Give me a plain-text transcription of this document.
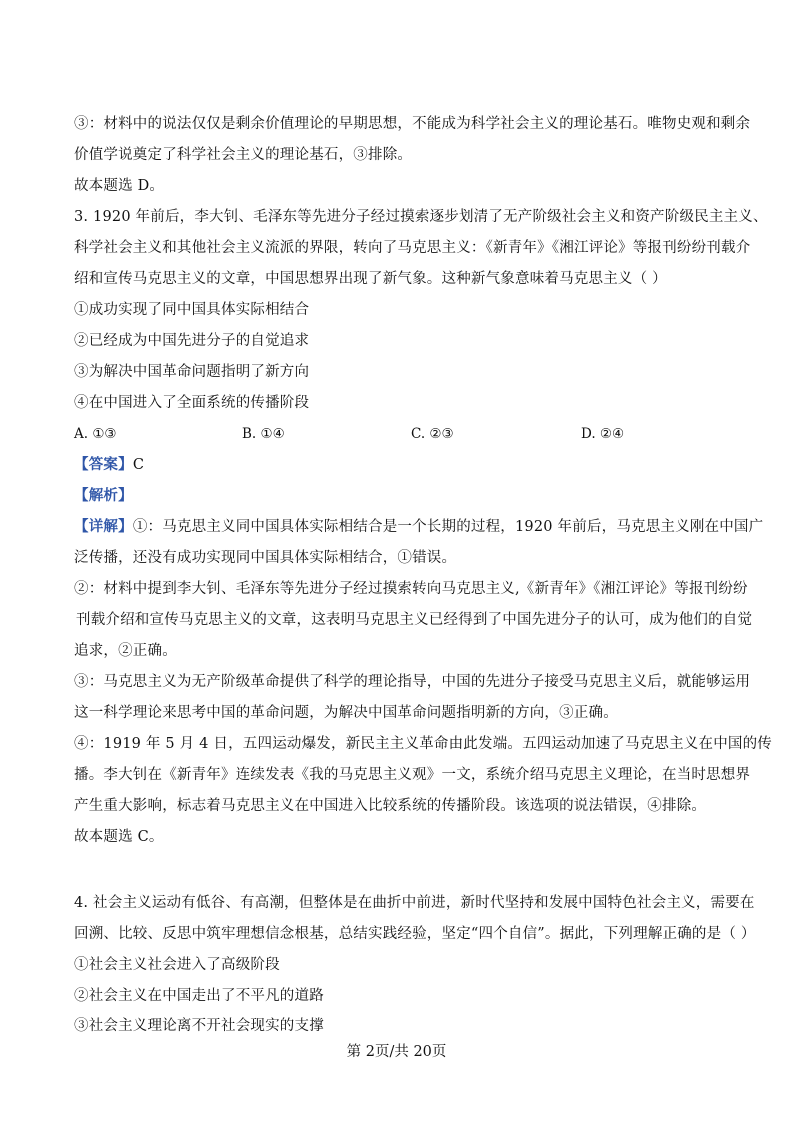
③：材料中的说法仅仅是剩余价值理论的早期思想，不能成为科学社会主义的理论基石。唯物史观和剩余
价值学说奠定了科学社会主义的理论基石，③排除。
故本题选 D。
3. 1920 年前后，李大钊、毛泽东等先进分子经过摸索逐步划清了无产阶级社会主义和资产阶级民主主义、
科学社会主义和其他社会主义流派的界限，转向了马克思主义：《新青年》《湘江评论》等报刊纷纷刊载介
绍和宣传马克思主义的文章，中国思想界出现了新气象。这种新气象意味着马克思主义（ ）
①成功实现了同中国具体实际相结合
②已经成为中国先进分子的自觉追求
③为解决中国革命问题指明了新方向
④在中国进入了全面系统的传播阶段
A. ①③	B. ①④	C. ②③	D. ②④
【答案】C
【解析】
【详解】①：马克思主义同中国具体实际相结合是一个长期的过程，1920 年前后，马克思主义刚在中国广
泛传播，还没有成功实现同中国具体实际相结合，①错误。
②：材料中提到李大钊、毛泽东等先进分子经过摸索转向马克思主义,《新青年》《湘江评论》等报刊纷纷
刊载介绍和宣传马克思主义的文章，这表明马克思主义已经得到了中国先进分子的认可，成为他们的自觉
追求，②正确。
③：马克思主义为无产阶级革命提供了科学的理论指导，中国的先进分子接受马克思主义后，就能够运用
这一科学理论来思考中国的革命问题，为解决中国革命问题指明新的方向，③正确。
④：1919 年 5 月 4 日，五四运动爆发，新民主主义革命由此发端。五四运动加速了马克思主义在中国的传
播。李大钊在《新青年》连续发表《我的马克思主义观》一文，系统介绍马克思主义理论，在当时思想界
产生重大影响，标志着马克思主义在中国进入比较系统的传播阶段。该选项的说法错误，④排除。
故本题选 C。
4. 社会主义运动有低谷、有高潮，但整体是在曲折中前进，新时代坚持和发展中国特色社会主义，需要在
回溯、比较、反思中筑牢理想信念根基，总结实践经验，坚定“四个自信”。据此，下列理解正确的是（ ）
①社会主义社会进入了高级阶段
②社会主义在中国走出了不平凡的道路
③社会主义理论离不开社会现实的支撑
第 2页/共 20页
